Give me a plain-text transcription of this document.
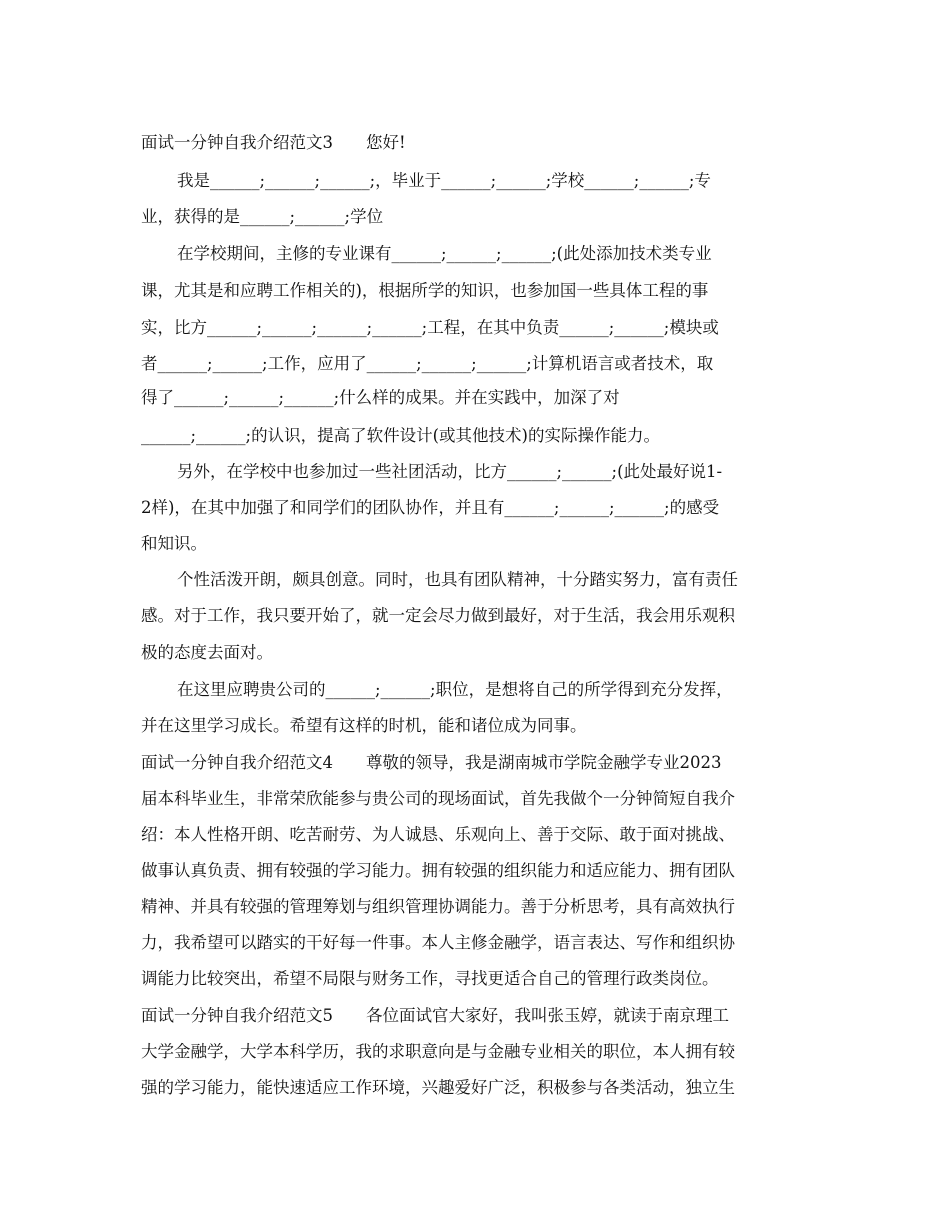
面试一分钟自我介绍范文3　　您好!
我是______;______;______;，毕业于______;______;学校______;______;专
业，获得的是______;______;学位
在学校期间，主修的专业课有______;______;______;(此处添加技术类专业
课，尤其是和应聘工作相关的)，根据所学的知识，也参加国一些具体工程的事
实，比方______;______;______;______;工程，在其中负责______;______;模块或
者______;______;工作，应用了______;______;______;计算机语言或者技术，取
得了______;______;______;什么样的成果。并在实践中，加深了对
______;______;的认识，提高了软件设计(或其他技术)的实际操作能力。
另外，在学校中也参加过一些社团活动，比方______;______;(此处最好说1-
2样)，在其中加强了和同学们的团队协作，并且有______;______;______;的感受
和知识。
个性活泼开朗，颇具创意。同时，也具有团队精神，十分踏实努力，富有责任
感。对于工作，我只要开始了，就一定会尽力做到最好，对于生活，我会用乐观积
极的态度去面对。
在这里应聘贵公司的______;______;职位，是想将自己的所学得到充分发挥，
并在这里学习成长。希望有这样的时机，能和诸位成为同事。
面试一分钟自我介绍范文4　　尊敬的领导，我是湖南城市学院金融学专业2023
届本科毕业生，非常荣欣能参与贵公司的现场面试，首先我做个一分钟简短自我介
绍：本人性格开朗、吃苦耐劳、为人诚恳、乐观向上、善于交际、敢于面对挑战、
做事认真负责、拥有较强的学习能力。拥有较强的组织能力和适应能力、拥有团队
精神、并具有较强的管理筹划与组织管理协调能力。善于分析思考，具有高效执行
力，我希望可以踏实的干好每一件事。本人主修金融学，语言表达、写作和组织协
调能力比较突出，希望不局限与财务工作，寻找更适合自己的管理行政类岗位。
面试一分钟自我介绍范文5　　各位面试官大家好，我叫张玉婷，就读于南京理工
大学金融学，大学本科学历，我的求职意向是与金融专业相关的职位，本人拥有较
强的学习能力，能快速适应工作环境，兴趣爱好广泛，积极参与各类活动，独立生
